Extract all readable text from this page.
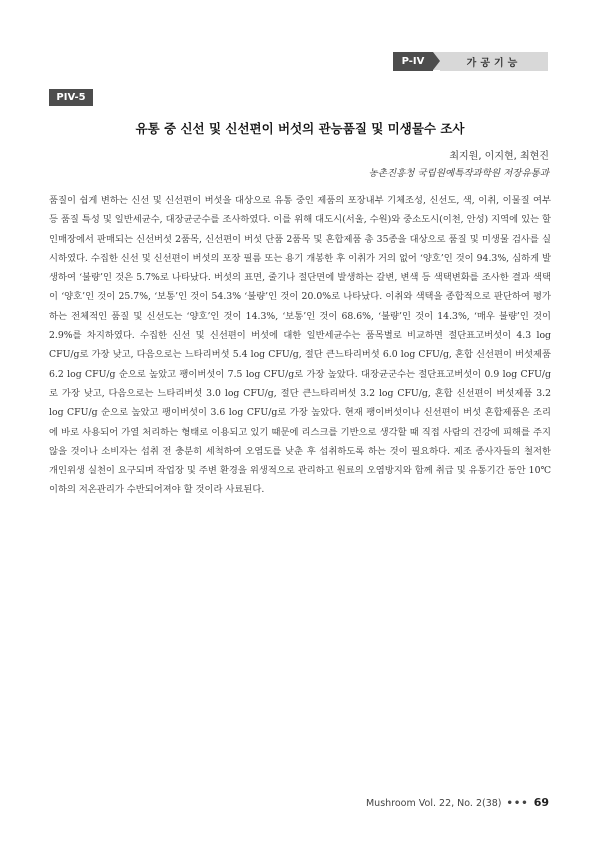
P-IV	가공기능
PIV-5
유통 중 신선 및 신선편이 버섯의 관능품질 및 미생물수 조사
최지원, 이지현, 최현진
농촌진흥청 국립원예특작과학원 저장유통과

품질이 쉽게 변하는 신선 및 신선편이 버섯을 대상으로 유통 중인 제품의 포장내부 기체조성, 신선도, 색, 이취, 이물질 여부 등 품질 특성 및 일반세균수, 대장균군수를 조사하였다. 이를 위해 대도시(서울, 수원)와 중소도시(이천, 안성) 지역에 있는 할인매장에서 판매되는 신선버섯 2품목, 신선편이 버섯 단품 2품목 및 혼합제품 총 35종을 대상으로 품질 및 미생물 검사를 실시하였다. 수집한 신선 및 신선편이 버섯의 포장 필름 또는 용기 개봉한 후 이취가 거의 없어 ‘양호’인 것이 94.3%, 심하게 발생하여 ‘불량’인 것은 5.7%로 나타났다. 버섯의 표면, 줄기나 절단면에 발생하는 갈변, 변색 등 색택변화를 조사한 결과 색택이 ‘양호’인 것이 25.7%, ‘보통’인 것이 54.3% ‘불량’인 것이 20.0%로 나타났다. 이취와 색택을 종합적으로 판단하여 평가하는 전체적인 품질 및 신선도는 ‘양호’인 것이 14.3%, ‘보통’인 것이 68.6%, ‘불량’인 것이 14.3%, ‘매우 불량’인 것이 2.9%를 차지하였다. 수집한 신선 및 신선편이 버섯에 대한 일반세균수는 품목별로 비교하면 절단표고버섯이 4.3 log CFU/g로 가장 낮고, 다음으로는 느타리버섯 5.4 log CFU/g, 절단 큰느타리버섯 6.0 log CFU/g, 혼합 신선편이 버섯제품 6.2 log CFU/g 순으로 높았고 팽이버섯이 7.5 log CFU/g로 가장 높았다. 대장균군수는 절단표고버섯이 0.9 log CFU/g로 가장 낮고, 다음으로는 느타리버섯 3.0 log CFU/g, 절단 큰느타리버섯 3.2 log CFU/g, 혼합 신선편이 버섯제품 3.2 log CFU/g 순으로 높았고 팽이버섯이 3.6 log CFU/g로 가장 높았다. 현재 팽이버섯이나 신선편이 버섯 혼합제품은 조리에 바로 사용되어 가열 처리하는 형태로 이용되고 있기 때문에 리스크를 기반으로 생각할 때 직접 사람의 건강에 피해를 주지 않을 것이나 소비자는 섭취 전 충분히 세척하여 오염도를 낮춘 후 섭취하도록 하는 것이 필요하다. 제조 종사자들의 철저한 개인위생 실천이 요구되며 작업장 및 주변 환경을 위생적으로 관리하고 원료의 오염방지와 함께 취급 및 유통기간 동안 10℃ 이하의 저온관리가 수반되어져야 할 것이라 사료된다.

Mushroom Vol. 22, No. 2(38) ••• 69
